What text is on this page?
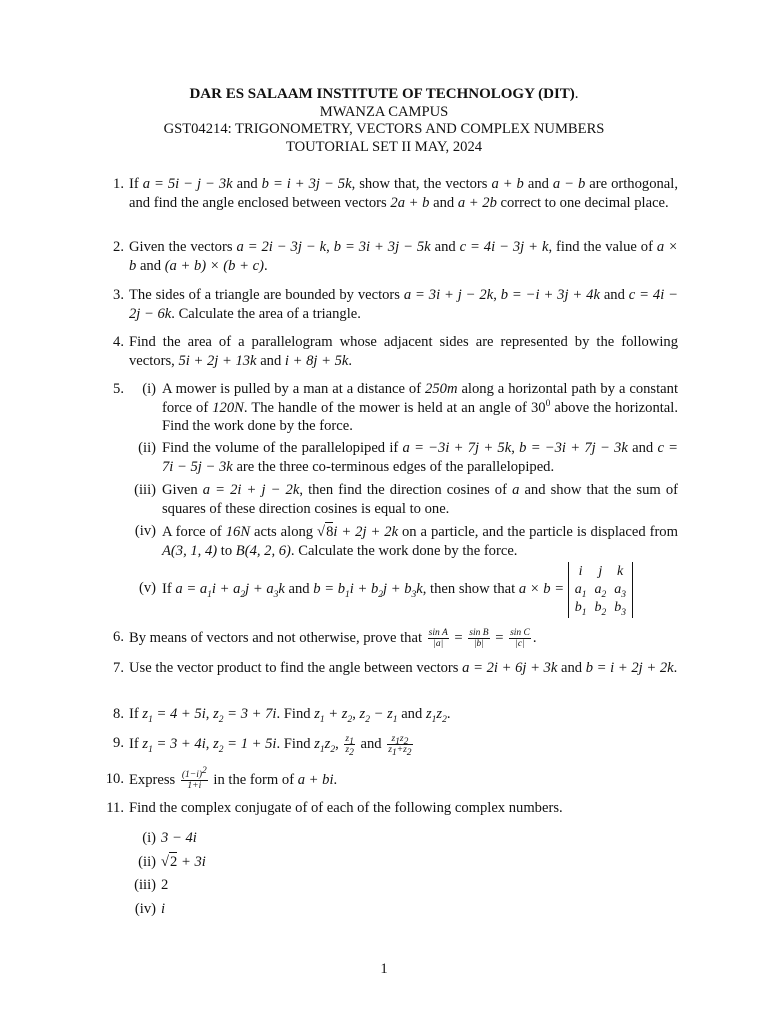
DAR ES SALAAM INSTITUTE OF TECHNOLOGY (DIT).
MWANZA CAMPUS
GST04214: TRIGONOMETRY, VECTORS AND COMPLEX NUMBERS
TOUTORIAL SET II MAY, 2024
1. If a = 5i − j − 3k and b = i + 3j − 5k, show that, the vectors a + b and a − b are orthogonal, and find the angle enclosed between vectors 2a + b and a + 2b correct to one decimal place.
2. Given the vectors a = 2i − 3j − k, b = 3i + 3j − 5k and c = 4i − 3j + k, find the value of a × b and (a + b) × (b + c).
3. The sides of a triangle are bounded by vectors a = 3i + j − 2k, b = −i + 3j + 4k and c = 4i − 2j − 6k. Calculate the area of a triangle.
4. Find the area of a parallelogram whose adjacent sides are represented by the following vectors, 5i + 2j + 13k and i + 8j + 5k.
5.	(i) A mower is pulled by a man at a distance of 250m along a horizontal path by a constant force of 120N. The handle of the mower is held at an angle of $30^0$ above the horizontal. Find the work done by the force.
(ii) Find the volume of the parallelopiped if a = −3i + 7j + 5k, b = −3i + 7j − 3k and c = 7i − 5j − 3k are the three co-terminous edges of the parallelopiped.
(iii) Given a = 2i + j − 2k, then find the direction cosines of a and show that the sum of squares of these direction cosines is equal to one.
(iv) A force of 16N acts along √8i + 2j + 2k on a particle, and the particle is displaced from A(3, 1, 4) to B(4, 2, 6). Calculate the work done by the force.
(v) If $a = a_1i + a_2j + a_3k$ and $b = b_1i + b_2j + b_3k$, then show that a × b =
i	j	k
$a_1$	$a_2$	$a_3$
$b_1$	$b_2$	$b_3$
6. By means of vectors and not otherwise, prove that $\frac{\text{sin A}}{|a|} = \frac{\text{sin B}}{|b|} = \frac{\text{sin C}}{|c|}$ .
7. Use the vector product to find the angle between vectors a = 2i + 6j + 3k and b = i + 2j + 2k.
8. If $z_1 = 4 + 5i$, $z_2 = 3 + 7i$. Find $z_1 + z_2$, $z_2 - z_1$ and $z_1z_2$.
9. If $z_1 = 3 + 4i$, $z_2 = 1 + 5i$. Find $z_1z_2$, $\frac{z_1}{z_2}$ and $\frac{z_1z_2}{z_1+z_2}$
10. Express $\frac{(1-i)^2}{1+i}$ in the form of a + bi.
11. Find the complex conjugate of of each of the following complex numbers.
(i) 3 − 4i
(ii) √2 + 3i
(iii) 2
(iv) i
1
